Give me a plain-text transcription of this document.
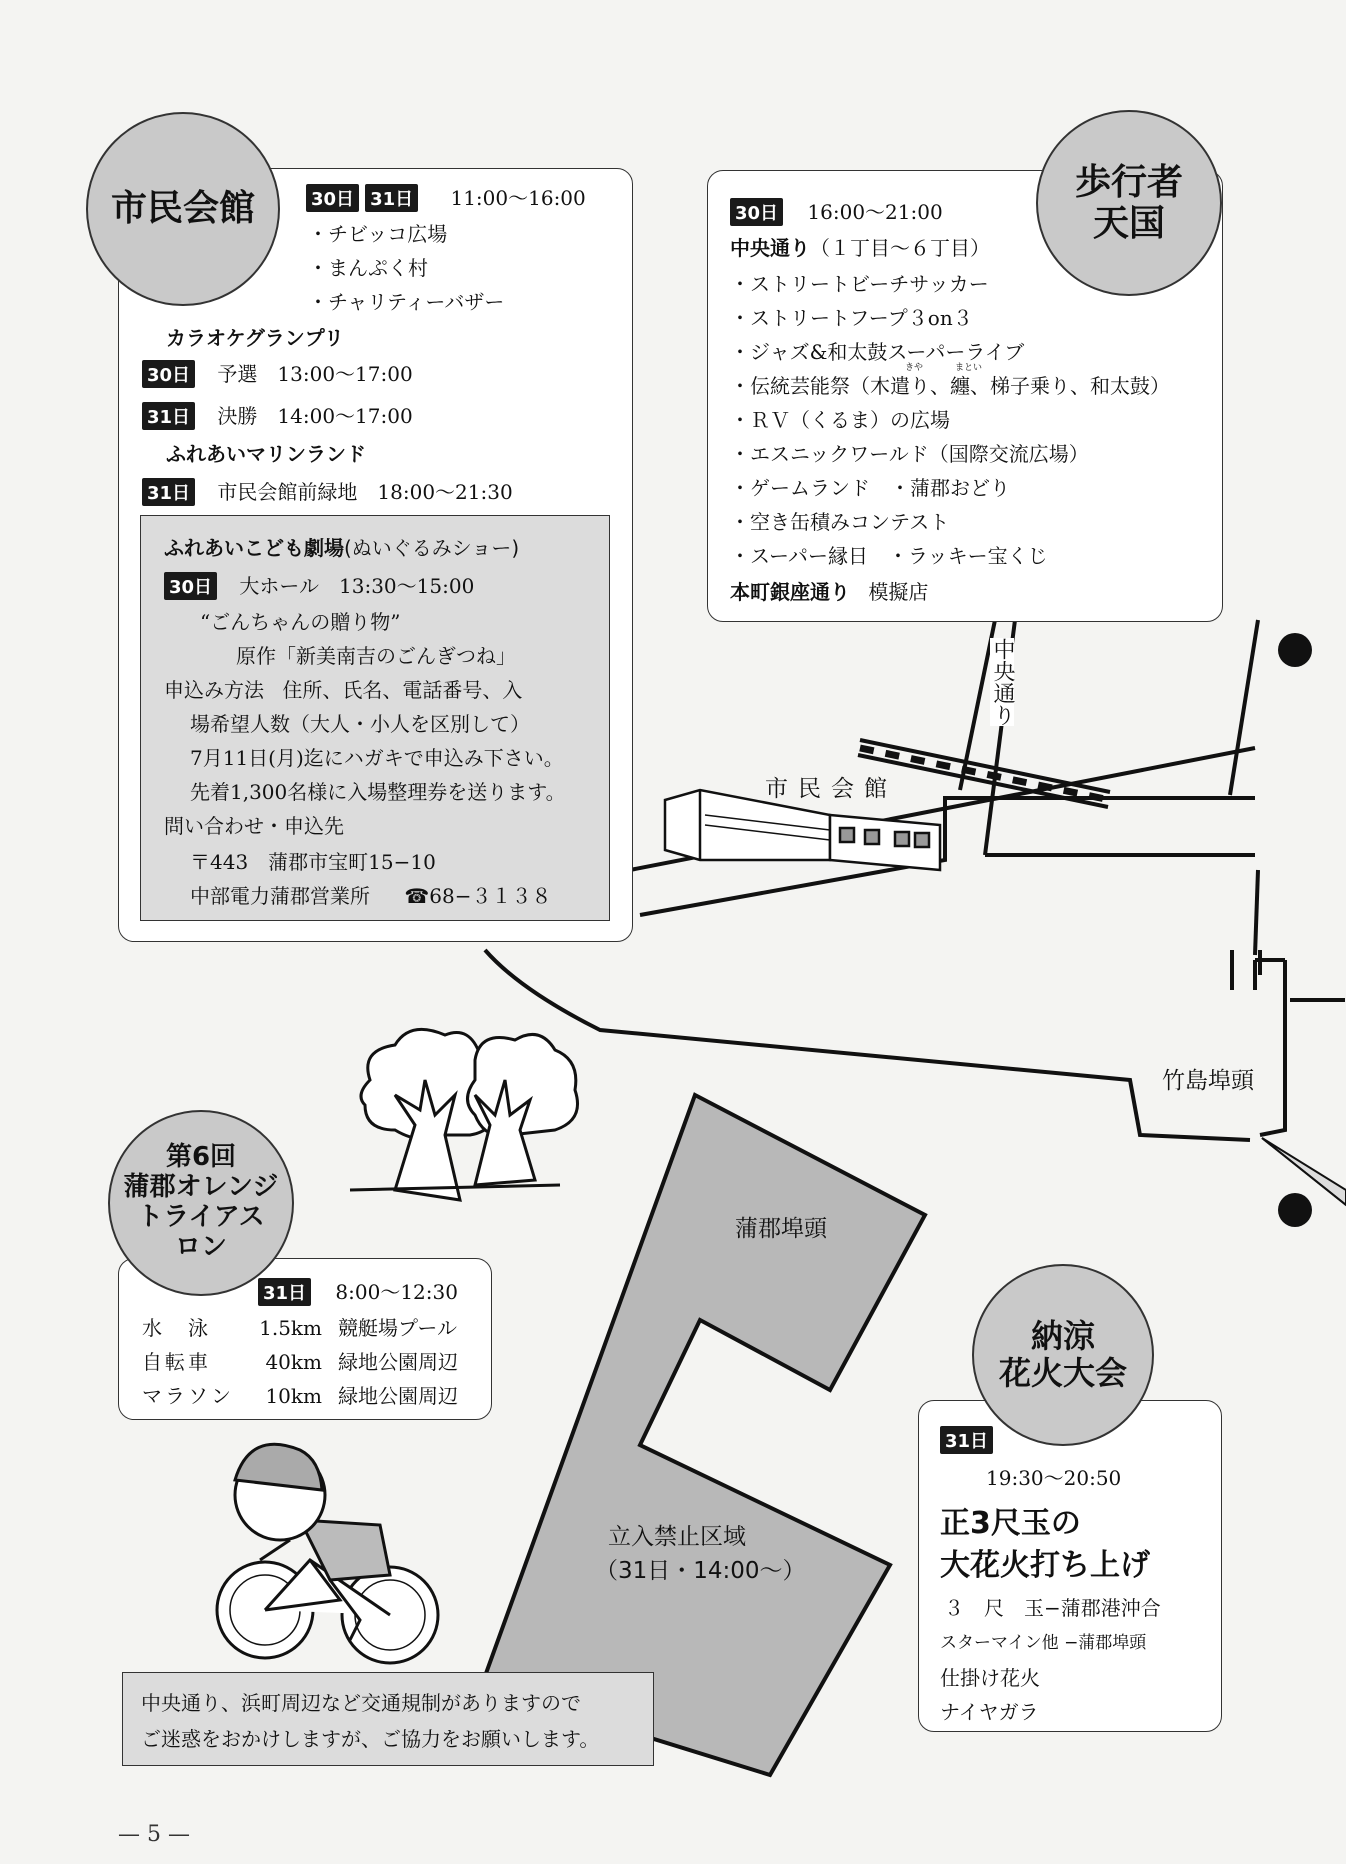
市民会館	30日 31日 11:00〜16:00
・チビッコ広場
・まんぷく村
・チャリティーバザー
カラオケグランプリ
30日 予選　13:00〜17:00
31日 決勝　14:00〜17:00
ふれあいマリンランド
31日 市民会館前緑地　18:00〜21:30
ふれあいこども劇場(ぬいぐるみショー)
30日 大ホール　13:30〜15:00
“ごんちゃんの贈り物”
原作「新美南吉のごんぎつね」
申込み方法 住所、氏名、電話番号、入
場希望人数（大人・小人を区別して）
7月11日(月)迄にハガキで申込み下さい。
先着1,300名様に入場整理券を送ります。
問い合わせ・申込先
〒443　蒲郡市宝町15−10
中部電力蒲郡営業所 ☎68−３１３８
歩行者
天国
30日 16:00〜21:00
中央通り（１丁目〜６丁目）
・ストリートビーチサッカー
・ストリートフープ３on３
・ジャズ&和太鼓スーパーライブ
・伝統芸能祭（木遣り、纏、梯子乗り、和太鼓）
きや	まとい
・ＲＶ（くるま）の広場
・エスニックワールド（国際交流広場）
・ゲームランド　・蒲郡おどり
・空き缶積みコンテスト
・スーパー縁日　・ラッキー宝くじ
本町銀座通り 模擬店
中央通り
市民会館
竹島埠頭
蒲郡埠頭
立入禁止区域
（31日・14:00〜）
第6回
蒲郡オレンジ
トライアス
ロン
31日 8:00〜12:30
水　泳 1.5km 競艇場プール
自転車	40km 緑地公園周辺
マラソン 10km 緑地公園周辺
納涼
花火大会
31日
19:30〜20:50
正3尺玉の
大花火打ち上げ
３　尺　玉−蒲郡港沖合
スターマイン他 −蒲郡埠頭
仕掛け花火
ナイヤガラ
中央通り、浜町周辺など交通規制がありますので
ご迷惑をおかけしますが、ご協力をお願いします。
— 5 —
